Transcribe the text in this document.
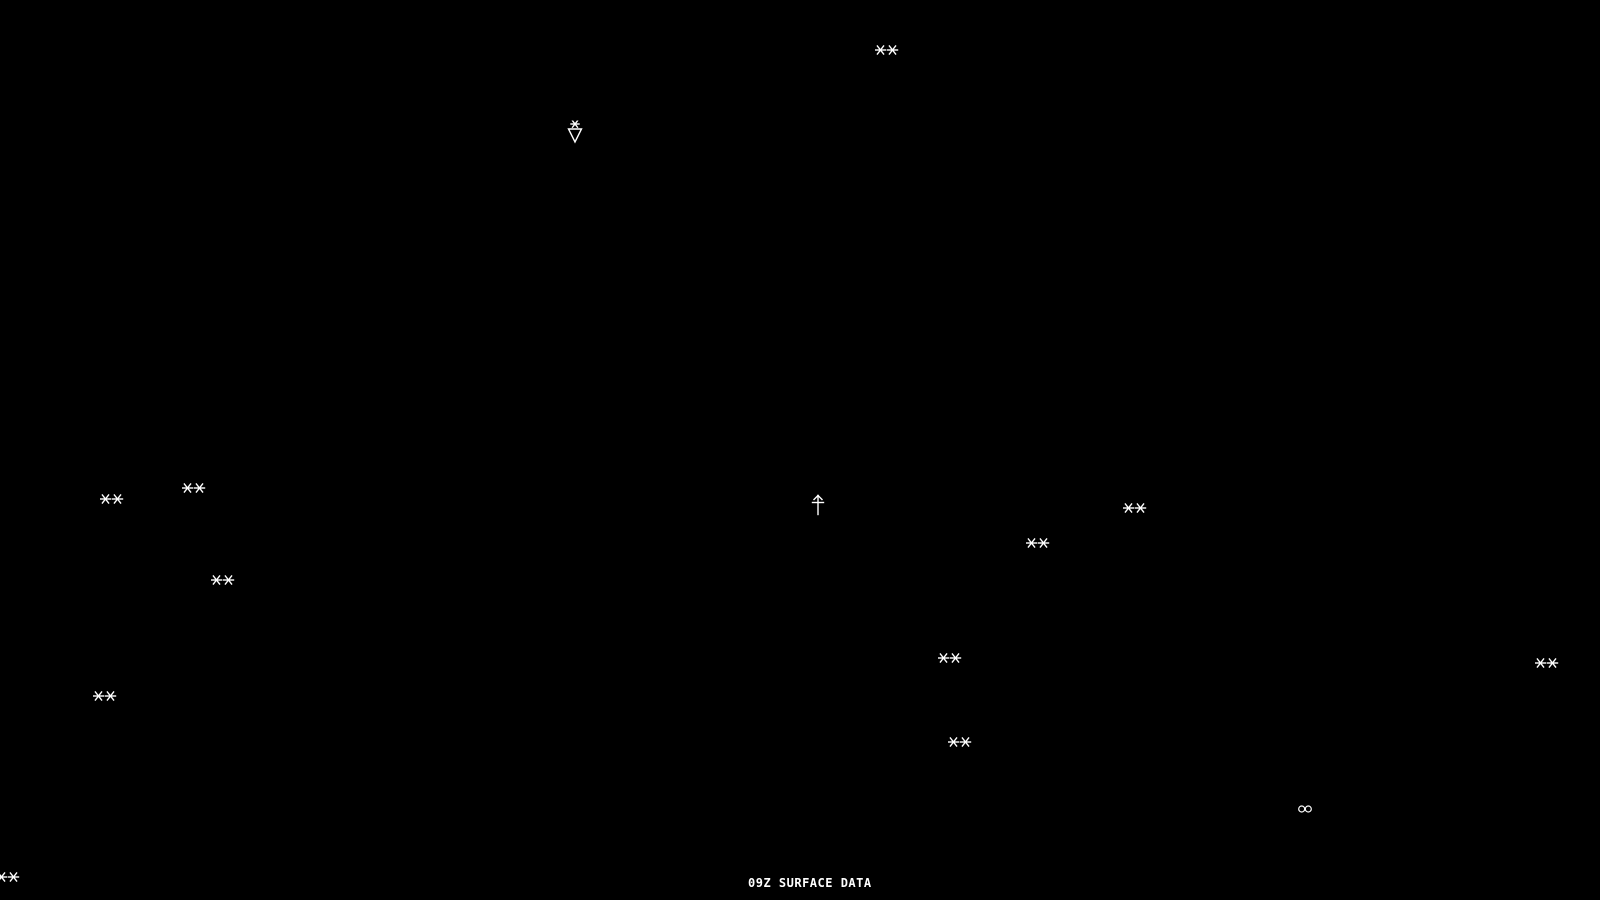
09Z SURFACE DATA
